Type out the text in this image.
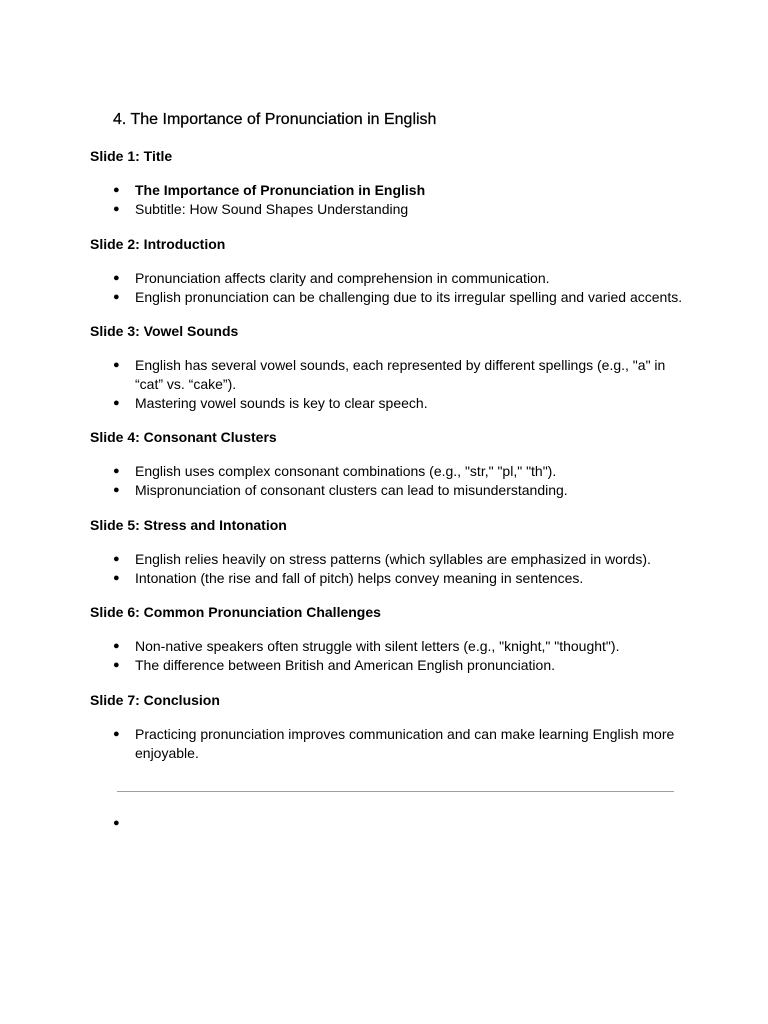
4. The Importance of Pronunciation in English

Slide 1: Title

● The Importance of Pronunciation in English
● Subtitle: How Sound Shapes Understanding

Slide 2: Introduction

● Pronunciation affects clarity and comprehension in communication.
● English pronunciation can be challenging due to its irregular spelling and varied accents.

Slide 3: Vowel Sounds

● English has several vowel sounds, each represented by different spellings (e.g., "a" in “cat” vs. “cake”).
● Mastering vowel sounds is key to clear speech.

Slide 4: Consonant Clusters

● English uses complex consonant combinations (e.g., "str," "pl," "th").
● Mispronunciation of consonant clusters can lead to misunderstanding.

Slide 5: Stress and Intonation

● English relies heavily on stress patterns (which syllables are emphasized in words).
● Intonation (the rise and fall of pitch) helps convey meaning in sentences.

Slide 6: Common Pronunciation Challenges

● Non-native speakers often struggle with silent letters (e.g., "knight," "thought").
● The difference between British and American English pronunciation.

Slide 7: Conclusion

● Practicing pronunciation improves communication and can make learning English more enjoyable.
●
